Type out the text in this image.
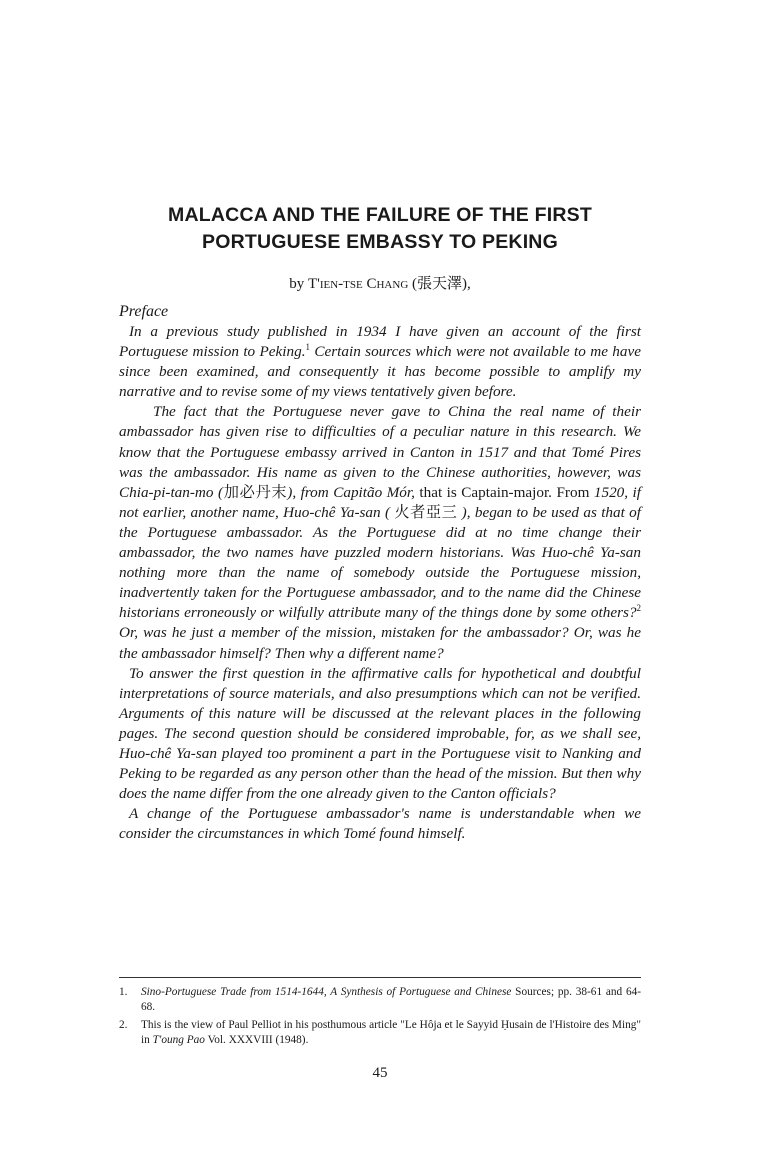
MALACCA AND THE FAILURE OF THE FIRST
PORTUGUESE EMBASSY TO PEKING
by T'ien-tse Chang (張天澤),
Preface

In a previous study published in 1934 I have given an account of the first Portuguese mission to Peking.$^1$ Certain sources which were not available to me have since been examined, and consequently it has become possible to amplify my narrative and to revise some of my views tentatively given before.

The fact that the Portuguese never gave to China the real name of their ambassador has given rise to difficulties of a peculiar nature in this research. We know that the Portuguese embassy arrived in Canton in 1517 and that Tomé Pires was the ambassador. His name as given to the Chinese authorities, however, was Chia-pi-tan-mo (加必丹末), from Capitão Mór, that is Captain-major. From 1520, if not earlier, another name, Huo-chê Ya-san ( 火者亞三 ), began to be used as that of the Portuguese ambassador. As the Portuguese did at no time change their ambassador, the two names have puzzled modern historians. Was Huo-chê Ya-san nothing more than the name of somebody outside the Portuguese mission, inadvertently taken for the Portuguese ambassador, and to the name did the Chinese historians erroneously or wilfully attribute many of the things done by some others?$^2$ Or, was he just a member of the mission, mistaken for the ambassador? Or, was he the ambassador himself? Then why a different name?

To answer the first question in the affirmative calls for hypothetical and doubtful interpretations of source materials, and also presumptions which can not be verified. Arguments of this nature will be discussed at the relevant places in the following pages. The second question should be considered improbable, for, as we shall see, Huo-chê Ya-san played too prominent a part in the Portuguese visit to Nanking and Peking to be regarded as any person other than the head of the mission. But then why does the name differ from the one already given to the Canton officials?

A change of the Portuguese ambassador's name is understandable when we consider the circumstances in which Tomé found himself.

1. Sino-Portuguese Trade from 1514-1644, A Synthesis of Portuguese and Chinese Sources; pp. 38-61 and 64-68.

2. This is the view of Paul Pelliot in his posthumous article "Le Hôja et le Sayyid Ḥusain de l'Histoire des Ming" in T'oung Pao Vol. XXXVIII (1948).

45
